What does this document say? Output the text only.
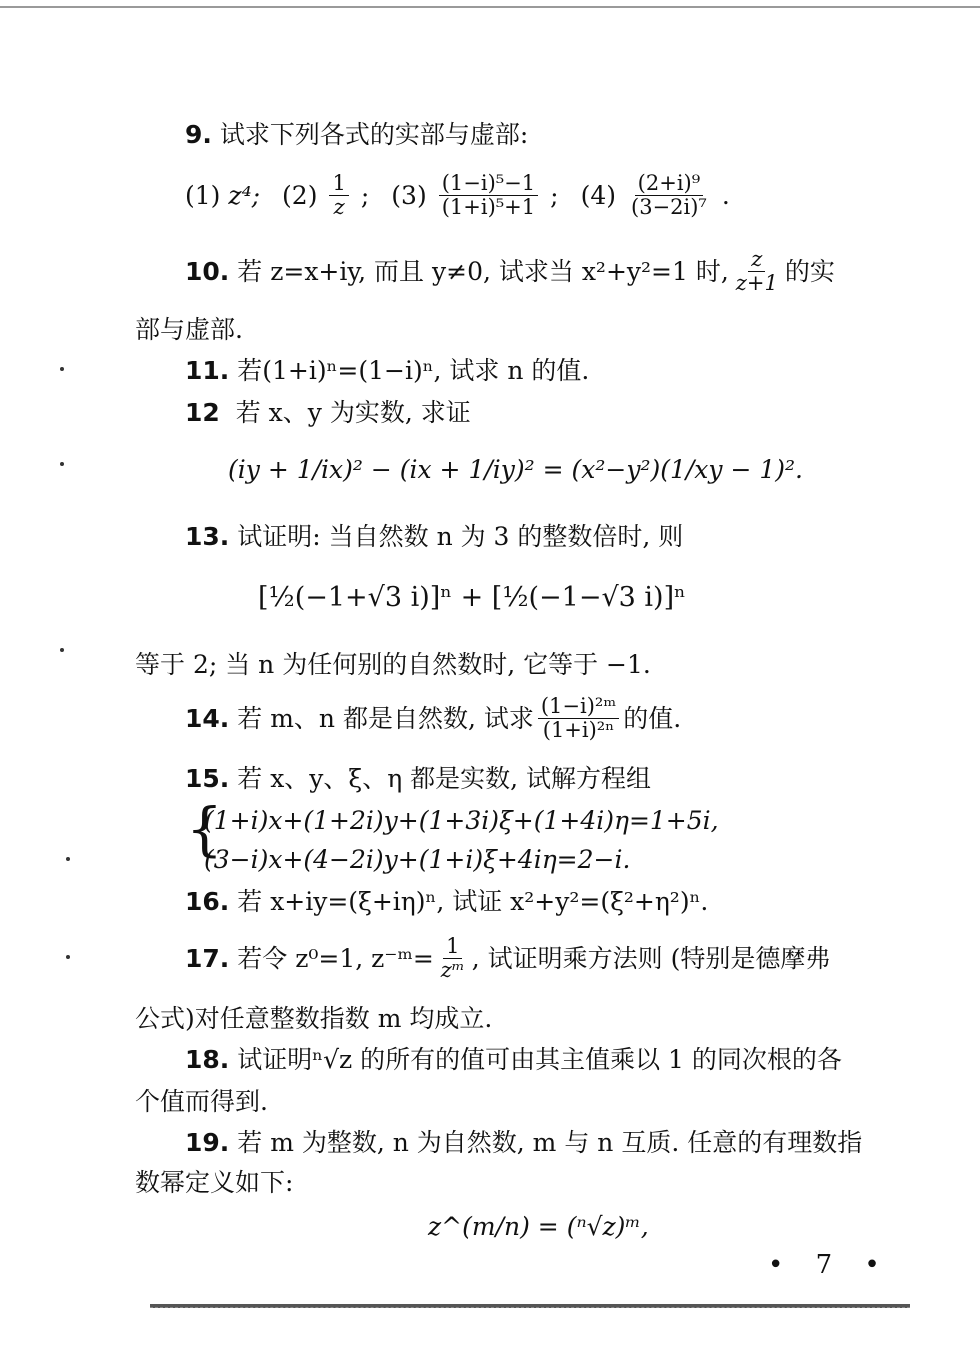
9. 试求下列各式的实部与虚部:
(1) z⁴; $(2) \frac{1}{z}$ ; $(3) \frac{\text{(1−i)⁵−1}}{\text{(1+i)⁵+1}}$ ; $(4) \frac{\text{(2+i)⁹}}{\text{(3−2i)⁷}}$ .
10.
若 z=x+iy, 而且 y≠0, 试求当 x²+y²=1 时, $\frac{z}{z+1}$ 的实
部与虚部.
11. 若(1+i)ⁿ=(1−i)ⁿ, 试求 n 的值.
12 若 x、y 为实数, 求证
(iy + 1/ix)² − (ix + 1/iy)² = (x²−y²)(1/xy − 1)².
13. 试证明: 当自然数 n 为 3 的整数倍时, 则
[½(−1+√3 i)]ⁿ + [½(−1−√3 i)]ⁿ
等于 2; 当 n 为任何别的自然数时, 它等于 −1.
14.
若 m、n 都是自然数, 试求 $\frac{\text{(1−i)²ᵐ}}{\text{(1+i)²ⁿ}}$ 的值.
15. 若 x、y、ξ、η 都是实数, 试解方程组
{
(1+i)x+(1+2i)y+(1+3i)ξ+(1+4i)η=1+5i,
(3−i)x+(4−2i)y+(1+i)ξ+4iη=2−i.
16. 若 x+iy=(ξ+iη)ⁿ, 试证 x²+y²=(ξ²+η²)ⁿ.
17.
若令 z⁰=1, z⁻ᵐ= $\frac{1}{\text{zᵐ}}$ , 试证明乘方法则 (特别是德摩弗
公式)对任意整数指数 m 均成立.
18. 试证明ⁿ√z 的所有的值可由其主值乘以 1 的同次根的各
个值而得到.
19. 若 m 为整数, n 为自然数, m 与 n 互质. 任意的有理数指
数幂定义如下:
z^(m/n) = (ⁿ√z)ᵐ,
• 7 •
